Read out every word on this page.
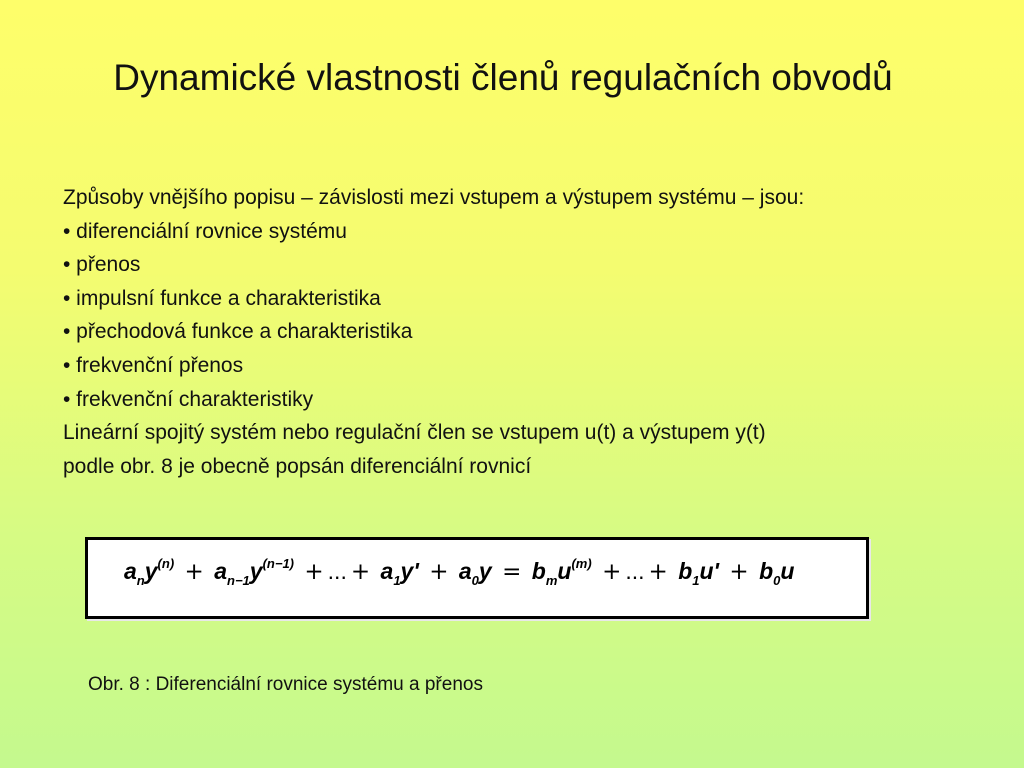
Dynamické vlastnosti členů regulačních obvodů
Způsoby vnějšího popisu – závislosti mezi vstupem a výstupem systému – jsou:
• diferenciální rovnice systému
• přenos
• impulsní funkce a charakteristika
• přechodová funkce a charakteristika
• frekvenční přenos
• frekvenční charakteristiky
Lineární spojitý systém nebo regulační člen se vstupem u(t) a výstupem y(t)
podle obr. 8 je obecně popsán diferenciální rovnicí
$a_ny^{(n)} + a_{n-1}y^{(n-1)}$ + ... + $a_1y' + a_0y = b_mu^{(m)}$ + ... + $b_1u' + b_0u$
Obr. 8 : Diferenciální rovnice systému a přenos
